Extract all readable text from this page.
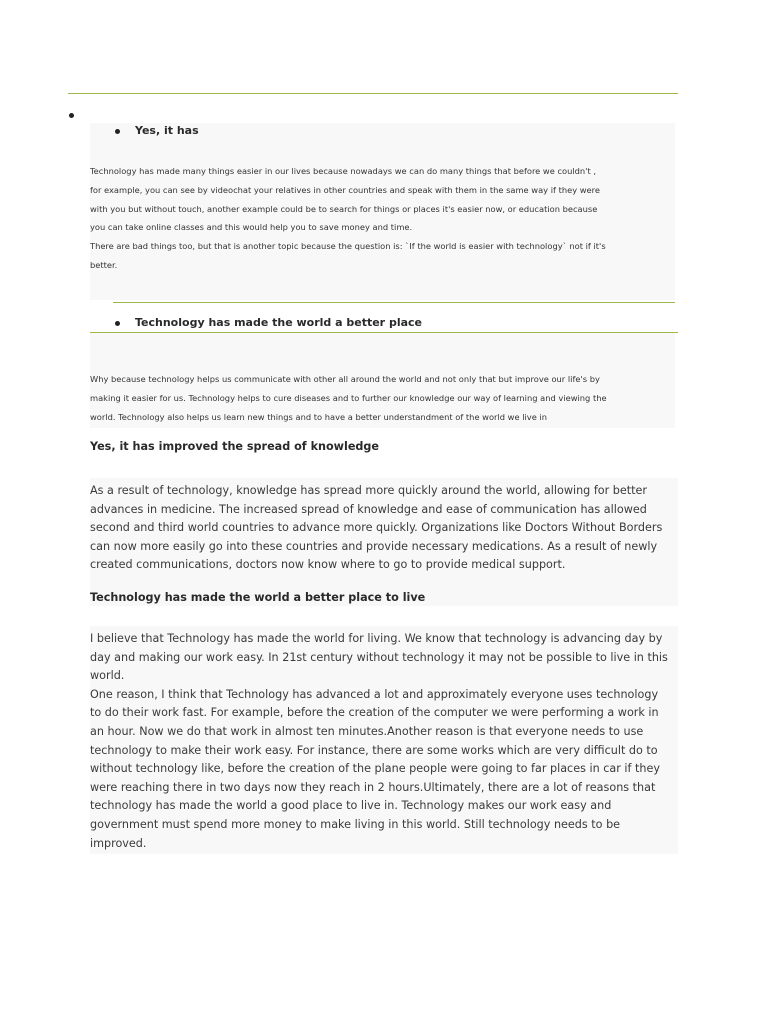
Yes, it has

Technology has made many things easier in our lives because nowadays we can do many things that before we couldn't ,

for example, you can see by videochat your relatives in other countries and speak with them in the same way if they were

with you but without touch, another example could be to search for things or places it's easier now, or education because

you can take online classes and this would help you to save money and time.

There are bad things too, but that is another topic because the question is: `If the world is easier with technology` not if it's

better.

Technology has made the world a better place

Why because technology helps us communicate with other all around the world and not only that but improve our life's by

making it easier for us. Technology helps to cure diseases and to further our knowledge our way of learning and viewing the

world. Technology also helps us learn new things and to have a better understandment of the world we live in

Yes, it has improved the spread of knowledge

As a result of technology, knowledge has spread more quickly around the world, allowing for better

advances in medicine. The increased spread of knowledge and ease of communication has allowed

second and third world countries to advance more quickly. Organizations like Doctors Without Borders

can now more easily go into these countries and provide necessary medications. As a result of newly

created communications, doctors now know where to go to provide medical support.

Technology has made the world a better place to live

I believe that Technology has made the world for living. We know that technology is advancing day by

day and making our work easy. In 21st century without technology it may not be possible to live in this

world.

One reason, I think that Technology has advanced a lot and approximately everyone uses technology

to do their work fast. For example, before the creation of the computer we were performing a work in

an hour. Now we do that work in almost ten minutes.Another reason is that everyone needs to use

technology to make their work easy. For instance, there are some works which are very difficult do to

without technology like, before the creation of the plane people were going to far places in car if they

were reaching there in two days now they reach in 2 hours.Ultimately, there are a lot of reasons that

technology has made the world a good place to live in. Technology makes our work easy and

government must spend more money to make living in this world. Still technology needs to be

improved.
